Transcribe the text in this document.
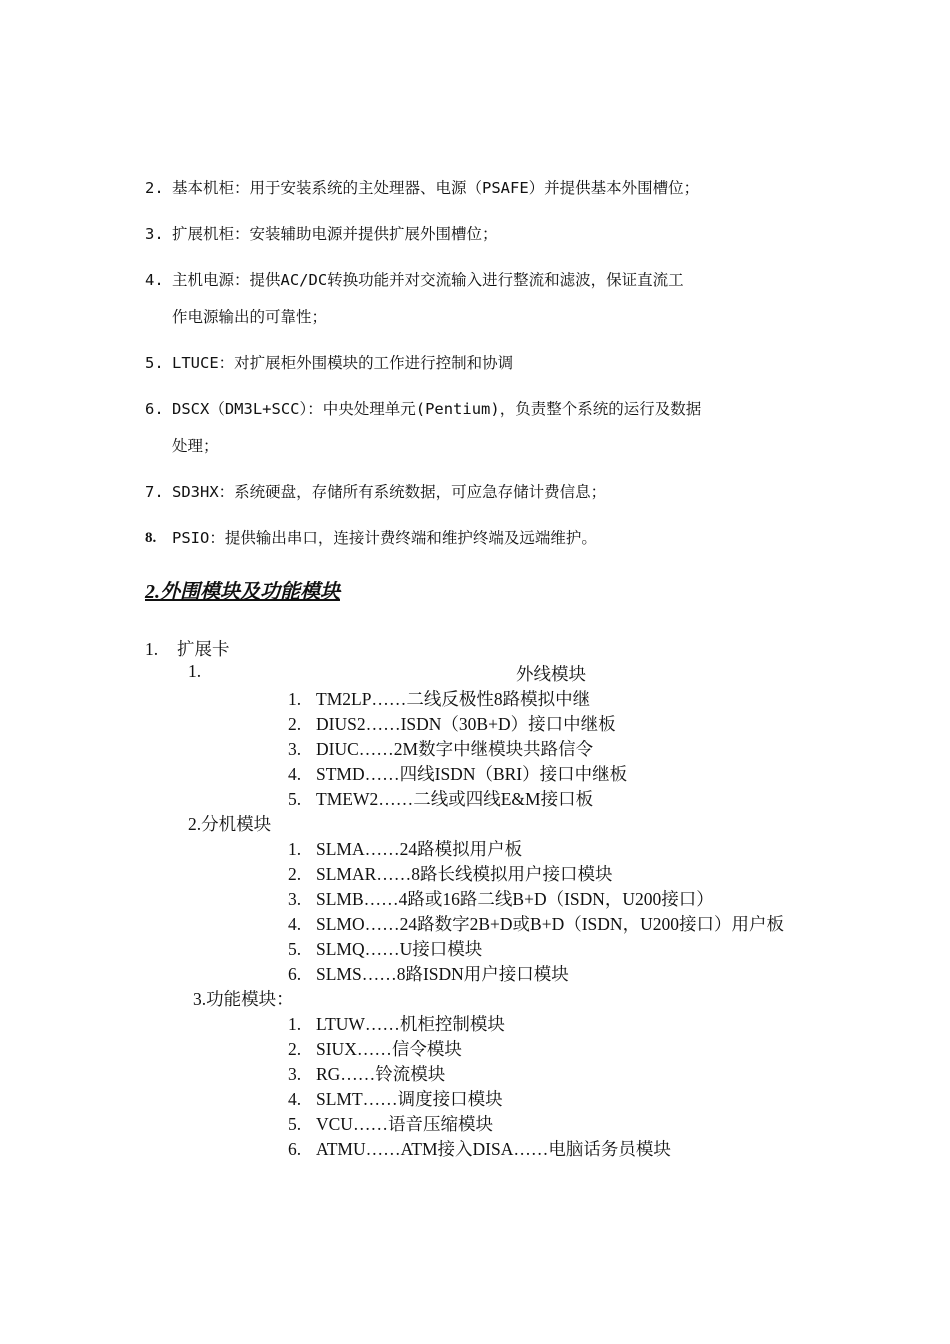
2. 基本机柜：用于安装系统的主处理器、电源（PSAFE）并提供基本外围槽位；
3. 扩展机柜：安装辅助电源并提供扩展外围槽位；
4. 主机电源：提供AC/DC转换功能并对交流输入进行整流和滤波，保证直流工
作电源输出的可靠性；
5. LTUCE：对扩展柜外围模块的工作进行控制和协调
6. DSCX（DM3L+SCC）：中央处理单元(Pentium)，负责整个系统的运行及数据
处理；
7. SD3HX：系统硬盘，存储所有系统数据，可应急存储计费信息；
8. PSIO：提供输出串口，连接计费终端和维护终端及远端维护。
2.外围模块及功能模块
1. 扩展卡
1.	外线模块
1. TM2LP……二线反极性8路模拟中继
2. DIUS2……ISDN（30B+D）接口中继板
3. DIUC……2M数字中继模块共路信令
4. STMD……四线ISDN（BRI）接口中继板
5. TMEW2……二线或四线E&M接口板
2.分机模块
1. SLMA……24路模拟用户板
2. SLMAR……8路长线模拟用户接口模块
3. SLMB……4路或16路二线B+D（ISDN，U200接口）
4. SLMO……24路数字2B+D或B+D（ISDN，U200接口）用户板
5. SLMQ……U接口模块
6. SLMS……8路ISDN用户接口模块
3.功能模块：
1. LTUW……机柜控制模块
2. SIUX……信令模块
3. RG……铃流模块
4. SLMT……调度接口模块
5. VCU……语音压缩模块
6. ATMU……ATM接入DISA……电脑话务员模块
